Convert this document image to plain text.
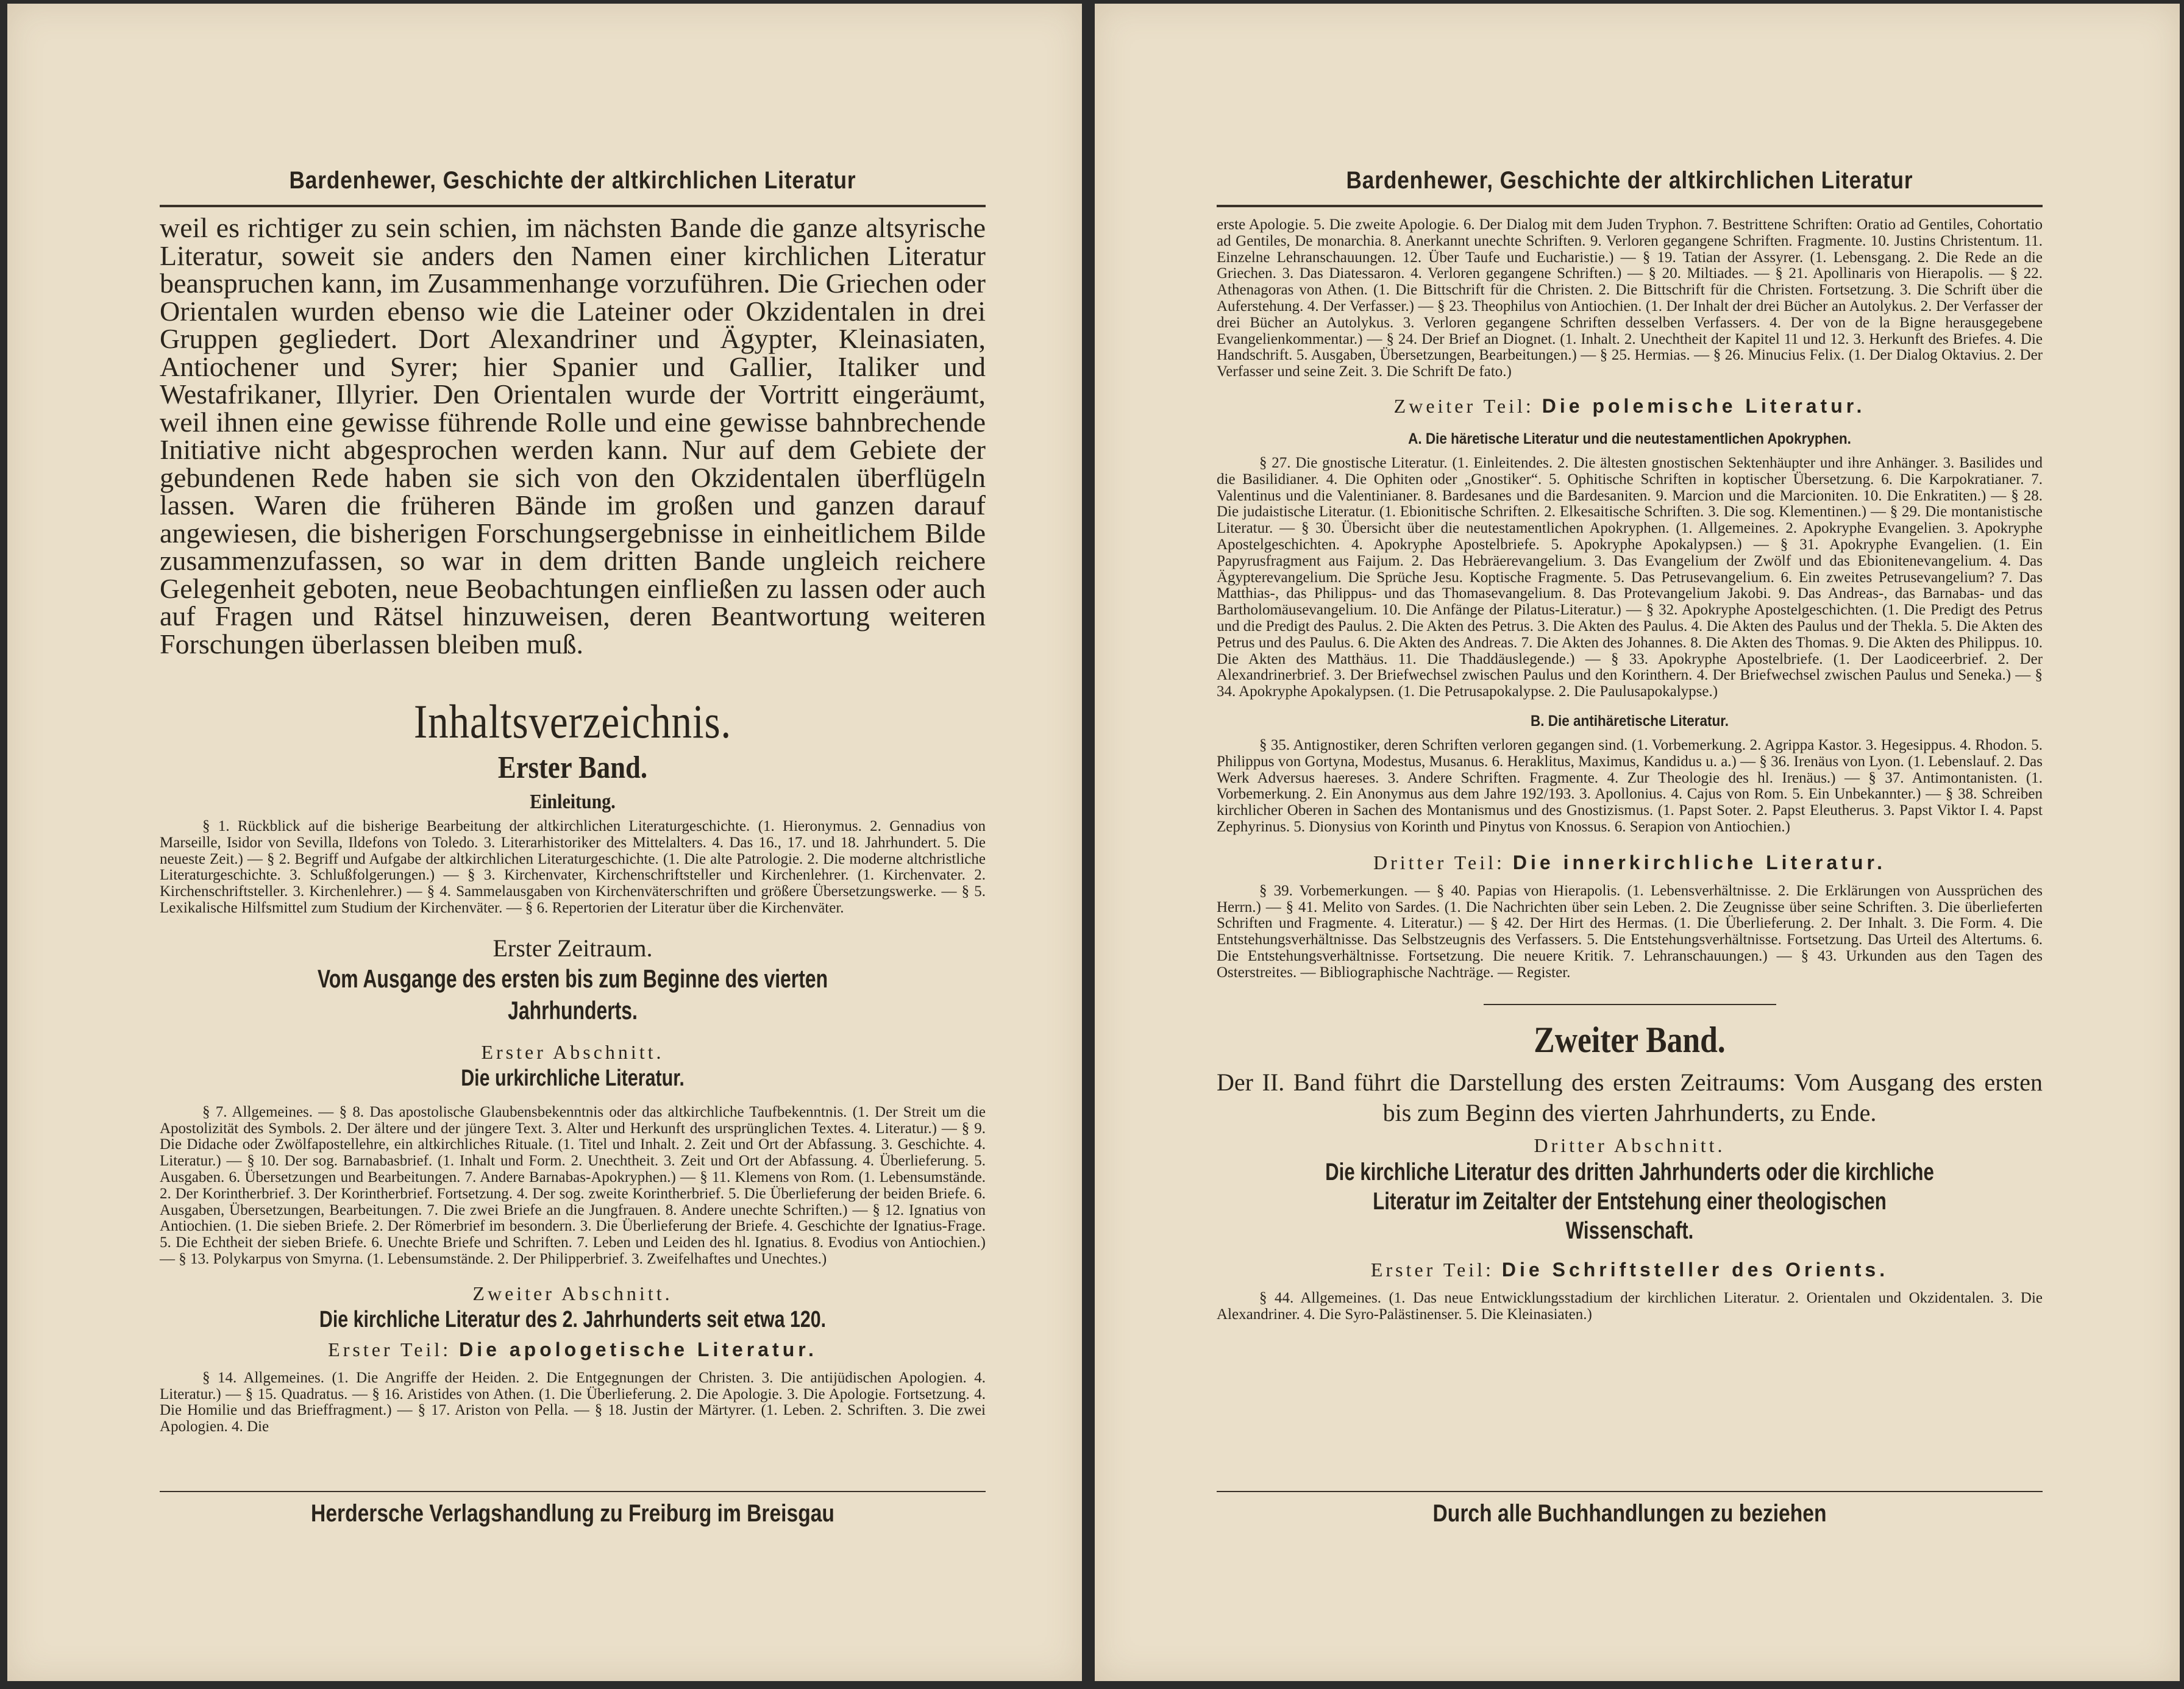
Bardenhewer, Geschichte der altkirchlichen Literatur

weil es richtiger zu sein schien, im nächsten Bande die ganze altsyrische Literatur, soweit sie anders den Namen einer kirchlichen Literatur beanspruchen kann, im Zusammenhange vorzuführen. Die Griechen oder Orientalen wurden ebenso wie die Lateiner oder Okzidentalen in drei Gruppen gegliedert. Dort Alexandriner und Ägypter, Kleinasiaten, Antiochener und Syrer; hier Spanier und Gallier, Italiker und Westafrikaner, Illyrier. Den Orientalen wurde der Vortritt eingeräumt, weil ihnen eine gewisse führende Rolle und eine gewisse bahnbrechende Initiative nicht abgesprochen werden kann. Nur auf dem Gebiete der gebundenen Rede haben sie sich von den Okzidentalen überflügeln lassen. Waren die früheren Bände im großen und ganzen darauf angewiesen, die bisherigen Forschungsergebnisse in einheitlichem Bilde zusammenzufassen, so war in dem dritten Bande ungleich reichere Gelegenheit geboten, neue Beobachtungen einfließen zu lassen oder auch auf Fragen und Rätsel hinzuweisen, deren Beantwortung weiteren Forschungen überlassen bleiben muß.

Inhaltsverzeichnis.
Erster Band.
Einleitung.

§ 1. Rückblick auf die bisherige Bearbeitung der altkirchlichen Literaturgeschichte. (1. Hieronymus. 2. Gennadius von Marseille, Isidor von Sevilla, Ildefons von Toledo. 3. Literarhistoriker des Mittelalters. 4. Das 16., 17. und 18. Jahrhundert. 5. Die neueste Zeit.) — § 2. Begriff und Aufgabe der altkirchlichen Literaturgeschichte. (1. Die alte Patrologie. 2. Die moderne altchristliche Literaturgeschichte. 3. Schlußfolgerungen.) — § 3. Kirchenvater, Kirchenschriftsteller und Kirchenlehrer. (1. Kirchenvater. 2. Kirchenschriftsteller. 3. Kirchenlehrer.) — § 4. Sammelausgaben von Kirchenväterschriften und größere Übersetzungswerke. — § 5. Lexikalische Hilfsmittel zum Studium der Kirchenväter. — § 6. Repertorien der Literatur über die Kirchenväter.

Erster Zeitraum.
Vom Ausgange des ersten bis zum Beginne des vierten Jahrhunderts.
Erster Abschnitt.
Die urkirchliche Literatur.

§ 7. Allgemeines. — § 8. Das apostolische Glaubensbekenntnis oder das altkirchliche Taufbekenntnis. (1. Der Streit um die Apostolizität des Symbols. 2. Der ältere und der jüngere Text. 3. Alter und Herkunft des ursprünglichen Textes. 4. Literatur.) — § 9. Die Didache oder Zwölfapostellehre, ein altkirchliches Rituale. (1. Titel und Inhalt. 2. Zeit und Ort der Abfassung. 3. Geschichte. 4. Literatur.) — § 10. Der sog. Barnabasbrief. (1. Inhalt und Form. 2. Unechtheit. 3. Zeit und Ort der Abfassung. 4. Überlieferung. 5. Ausgaben. 6. Übersetzungen und Bearbeitungen. 7. Andere Barnabas-Apokryphen.) — § 11. Klemens von Rom. (1. Lebensumstände. 2. Der Korintherbrief. 3. Der Korintherbrief. Fortsetzung. 4. Der sog. zweite Korintherbrief. 5. Die Überlieferung der beiden Briefe. 6. Ausgaben, Übersetzungen, Bearbeitungen. 7. Die zwei Briefe an die Jungfrauen. 8. Andere unechte Schriften.) — § 12. Ignatius von Antiochien. (1. Die sieben Briefe. 2. Der Römerbrief im besondern. 3. Die Überlieferung der Briefe. 4. Geschichte der Ignatius-Frage. 5. Die Echtheit der sieben Briefe. 6. Unechte Briefe und Schriften. 7. Leben und Leiden des hl. Ignatius. 8. Evodius von Antiochien.) — § 13. Polykarpus von Smyrna. (1. Lebensumstände. 2. Der Philipperbrief. 3. Zweifelhaftes und Unechtes.)

Zweiter Abschnitt.
Die kirchliche Literatur des 2. Jahrhunderts seit etwa 120.
Erster Teil: Die apologetische Literatur.

§ 14. Allgemeines. (1. Die Angriffe der Heiden. 2. Die Entgegnungen der Christen. 3. Die antijüdischen Apologien. 4. Literatur.) — § 15. Quadratus. — § 16. Aristides von Athen. (1. Die Überlieferung. 2. Die Apologie. 3. Die Apologie. Fortsetzung. 4. Die Homilie und das Brieffragment.) — § 17. Ariston von Pella. — § 18. Justin der Märtyrer. (1. Leben. 2. Schriften. 3. Die zwei Apologien. 4. Die

Herdersche Verlagshandlung zu Freiburg im Breisgau
Bardenhewer, Geschichte der altkirchlichen Literatur

erste Apologie. 5. Die zweite Apologie. 6. Der Dialog mit dem Juden Tryphon. 7. Bestrittene Schriften: Oratio ad Gentiles, Cohortatio ad Gentiles, De monarchia. 8. Anerkannt unechte Schriften. 9. Verloren gegangene Schriften. Fragmente. 10. Justins Christentum. 11. Einzelne Lehranschauungen. 12. Über Taufe und Eucharistie.) — § 19. Tatian der Assyrer. (1. Lebensgang. 2. Die Rede an die Griechen. 3. Das Diatessaron. 4. Verloren gegangene Schriften.) — § 20. Miltiades. — § 21. Apollinaris von Hierapolis. — § 22. Athenagoras von Athen. (1. Die Bittschrift für die Christen. 2. Die Bittschrift für die Christen. Fortsetzung. 3. Die Schrift über die Auferstehung. 4. Der Verfasser.) — § 23. Theophilus von Antiochien. (1. Der Inhalt der drei Bücher an Autolykus. 2. Der Verfasser der drei Bücher an Autolykus. 3. Verloren gegangene Schriften desselben Verfassers. 4. Der von de la Bigne herausgegebene Evangelienkommentar.) — § 24. Der Brief an Diognet. (1. Inhalt. 2. Unechtheit der Kapitel 11 und 12. 3. Herkunft des Briefes. 4. Die Handschrift. 5. Ausgaben, Übersetzungen, Bearbeitungen.) — § 25. Hermias. — § 26. Minucius Felix. (1. Der Dialog Oktavius. 2. Der Verfasser und seine Zeit. 3. Die Schrift De fato.)

Zweiter Teil: Die polemische Literatur.
A. Die häretische Literatur und die neutestamentlichen Apokryphen.

§ 27. Die gnostische Literatur. (1. Einleitendes. 2. Die ältesten gnostischen Sektenhäupter und ihre Anhänger. 3. Basilides und die Basilidianer. 4. Die Ophiten oder „Gnostiker“. 5. Ophitische Schriften in koptischer Übersetzung. 6. Die Karpokratianer. 7. Valentinus und die Valentinianer. 8. Bardesanes und die Bardesaniten. 9. Marcion und die Marcioniten. 10. Die Enkratiten.) — § 28. Die judaistische Literatur. (1. Ebionitische Schriften. 2. Elkesaitische Schriften. 3. Die sog. Klementinen.) — § 29. Die montanistische Literatur. — § 30. Übersicht über die neutestamentlichen Apokryphen. (1. Allgemeines. 2. Apokryphe Evangelien. 3. Apokryphe Apostelgeschichten. 4. Apokryphe Apostelbriefe. 5. Apokryphe Apokalypsen.) — § 31. Apokryphe Evangelien. (1. Ein Papyrusfragment aus Faijum. 2. Das Hebräerevangelium. 3. Das Evangelium der Zwölf und das Ebionitenevangelium. 4. Das Ägypterevangelium. Die Sprüche Jesu. Koptische Fragmente. 5. Das Petrusevangelium. 6. Ein zweites Petrusevangelium? 7. Das Matthias-, das Philippus- und das Thomasevangelium. 8. Das Protevangelium Jakobi. 9. Das Andreas-, das Barnabas- und das Bartholomäusevangelium. 10. Die Anfänge der Pilatus-Literatur.) — § 32. Apokryphe Apostelgeschichten. (1. Die Predigt des Petrus und die Predigt des Paulus. 2. Die Akten des Petrus. 3. Die Akten des Paulus. 4. Die Akten des Paulus und der Thekla. 5. Die Akten des Petrus und des Paulus. 6. Die Akten des Andreas. 7. Die Akten des Johannes. 8. Die Akten des Thomas. 9. Die Akten des Philippus. 10. Die Akten des Matthäus. 11. Die Thaddäuslegende.) — § 33. Apokryphe Apostelbriefe. (1. Der Laodiceerbrief. 2. Der Alexandrinerbrief. 3. Der Briefwechsel zwischen Paulus und den Korinthern. 4. Der Briefwechsel zwischen Paulus und Seneka.) — § 34. Apokryphe Apokalypsen. (1. Die Petrusapokalypse. 2. Die Paulusapokalypse.)

B. Die antihäretische Literatur.

§ 35. Antignostiker, deren Schriften verloren gegangen sind. (1. Vorbemerkung. 2. Agrippa Kastor. 3. Hegesippus. 4. Rhodon. 5. Philippus von Gortyna, Modestus, Musanus. 6. Heraklitus, Maximus, Kandidus u. a.) — § 36. Irenäus von Lyon. (1. Lebenslauf. 2. Das Werk Adversus haereses. 3. Andere Schriften. Fragmente. 4. Zur Theologie des hl. Irenäus.) — § 37. Antimontanisten. (1. Vorbemerkung. 2. Ein Anonymus aus dem Jahre 192/193. 3. Apollonius. 4. Cajus von Rom. 5. Ein Unbekannter.) — § 38. Schreiben kirchlicher Oberen in Sachen des Montanismus und des Gnostizismus. (1. Papst Soter. 2. Papst Eleutherus. 3. Papst Viktor I. 4. Papst Zephyrinus. 5. Dionysius von Korinth und Pinytus von Knossus. 6. Serapion von Antiochien.)

Dritter Teil: Die innerkirchliche Literatur.

§ 39. Vorbemerkungen. — § 40. Papias von Hierapolis. (1. Lebensverhältnisse. 2. Die Erklärungen von Aussprüchen des Herrn.) — § 41. Melito von Sardes. (1. Die Nachrichten über sein Leben. 2. Die Zeugnisse über seine Schriften. 3. Die überlieferten Schriften und Fragmente. 4. Literatur.) — § 42. Der Hirt des Hermas. (1. Die Überlieferung. 2. Der Inhalt. 3. Die Form. 4. Die Entstehungsverhältnisse. Das Selbstzeugnis des Verfassers. 5. Die Entstehungsverhältnisse. Fortsetzung. Das Urteil des Altertums. 6. Die Entstehungsverhältnisse. Fortsetzung. Die neuere Kritik. 7. Lehranschauungen.) — § 43. Urkunden aus den Tagen des Osterstreites. — Bibliographische Nachträge. — Register.

Zweiter Band.

Der II. Band führt die Darstellung des ersten Zeitraums: Vom Ausgang des ersten bis zum Beginn des vierten Jahrhunderts, zu Ende.

Dritter Abschnitt.
Die kirchliche Literatur des dritten Jahrhunderts oder die kirchliche Literatur im Zeitalter der Entstehung einer theologischen Wissenschaft.
Erster Teil: Die Schriftsteller des Orients.

§ 44. Allgemeines. (1. Das neue Entwicklungsstadium der kirchlichen Literatur. 2. Orientalen und Okzidentalen. 3. Die Alexandriner. 4. Die Syro-Palästinenser. 5. Die Kleinasiaten.)

Durch alle Buchhandlungen zu beziehen
